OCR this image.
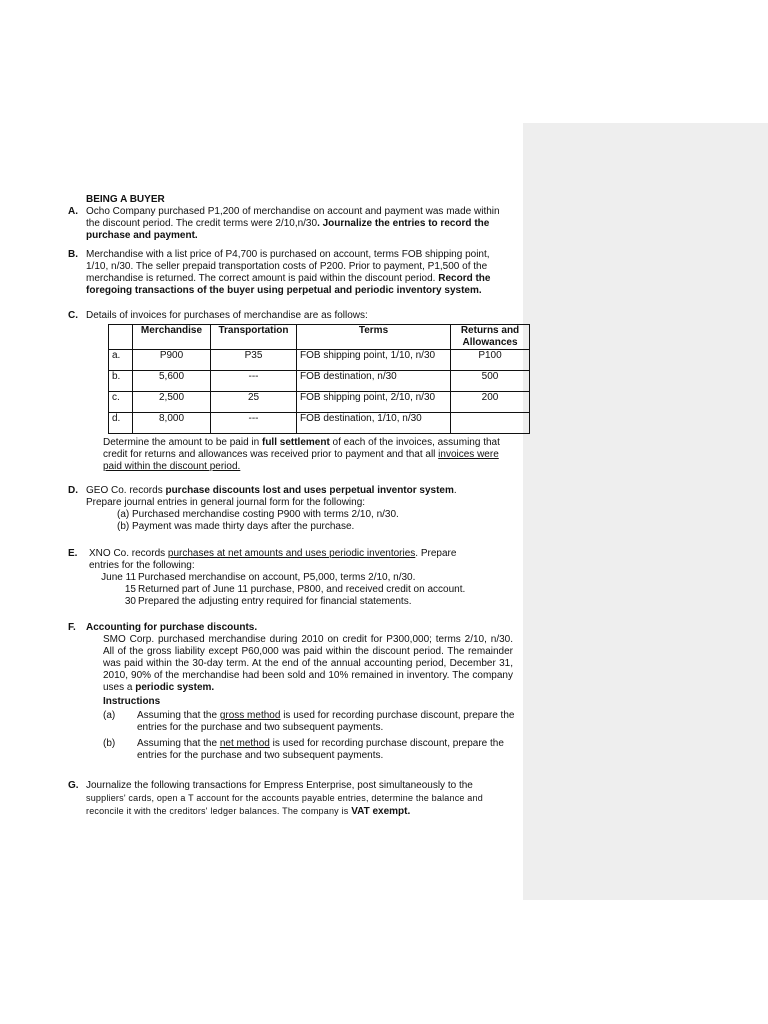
BEING A BUYER
A. Ocho Company purchased P1,200 of merchandise on account and payment was made within the discount period. The credit terms were 2/10,n/30. Journalize the entries to record the purchase and payment.

B. Merchandise with a list price of P4,700 is purchased on account, terms FOB shipping point, 1/10, n/30. The seller prepaid transportation costs of P200. Prior to payment, P1,500 of the merchandise is returned. The correct amount is paid within the discount period. Record the foregoing transactions of the buyer using perpetual and periodic inventory system.

C. Details of invoices for purchases of merchandise are as follows:
	Merchandise	Transportation	Terms	Returns and Allowances
a.	P900	P35	FOB shipping point, 1/10, n/30	P100
b.	5,600	---	FOB destination, n/30	500
c.	2,500	25	FOB shipping point, 2/10, n/30	200
d.	8,000	---	FOB destination, 1/10, n/30	

Determine the amount to be paid in full settlement of each of the invoices, assuming that credit for returns and allowances was received prior to payment and that all invoices were paid within the discount period.

D. GEO Co. records purchase discounts lost and uses perpetual inventor system.
Prepare journal entries in general journal form for the following:
(a) Purchased merchandise costing P900 with terms 2/10, n/30.
(b) Payment was made thirty days after the purchase.
E. XNO Co. records purchases at net amounts and uses periodic inventories. Prepare
entries for the following:
June 11 Purchased merchandise on account, P5,000, terms 2/10, n/30.
15 Returned part of June 11 purchase, P800, and received credit on account.
30 Prepared the adjusting entry required for financial statements.
F. Accounting for purchase discounts.

SMO Corp. purchased merchandise during 2010 on credit for P300,000; terms 2/10, n/30. All of the gross liability except P60,000 was paid within the discount period. The remainder was paid within the 30-day term. At the end of the annual accounting period, December 31, 2010, 90% of the merchandise had been sold and 10% remained in inventory. The company uses a periodic system.

Instructions
(a) Assuming that the gross method is used for recording purchase discount, prepare the entries for the purchase and two subsequent payments.

(b) Assuming that the net method is used for recording purchase discount, prepare the entries for the purchase and two subsequent payments.

G. Journalize the following transactions for Empress Enterprise, post simultaneously to the

suppliers' cards, open a T account for the accounts payable entries, determine the balance and reconcile it with the creditors' ledger balances. The company is VAT exempt.
